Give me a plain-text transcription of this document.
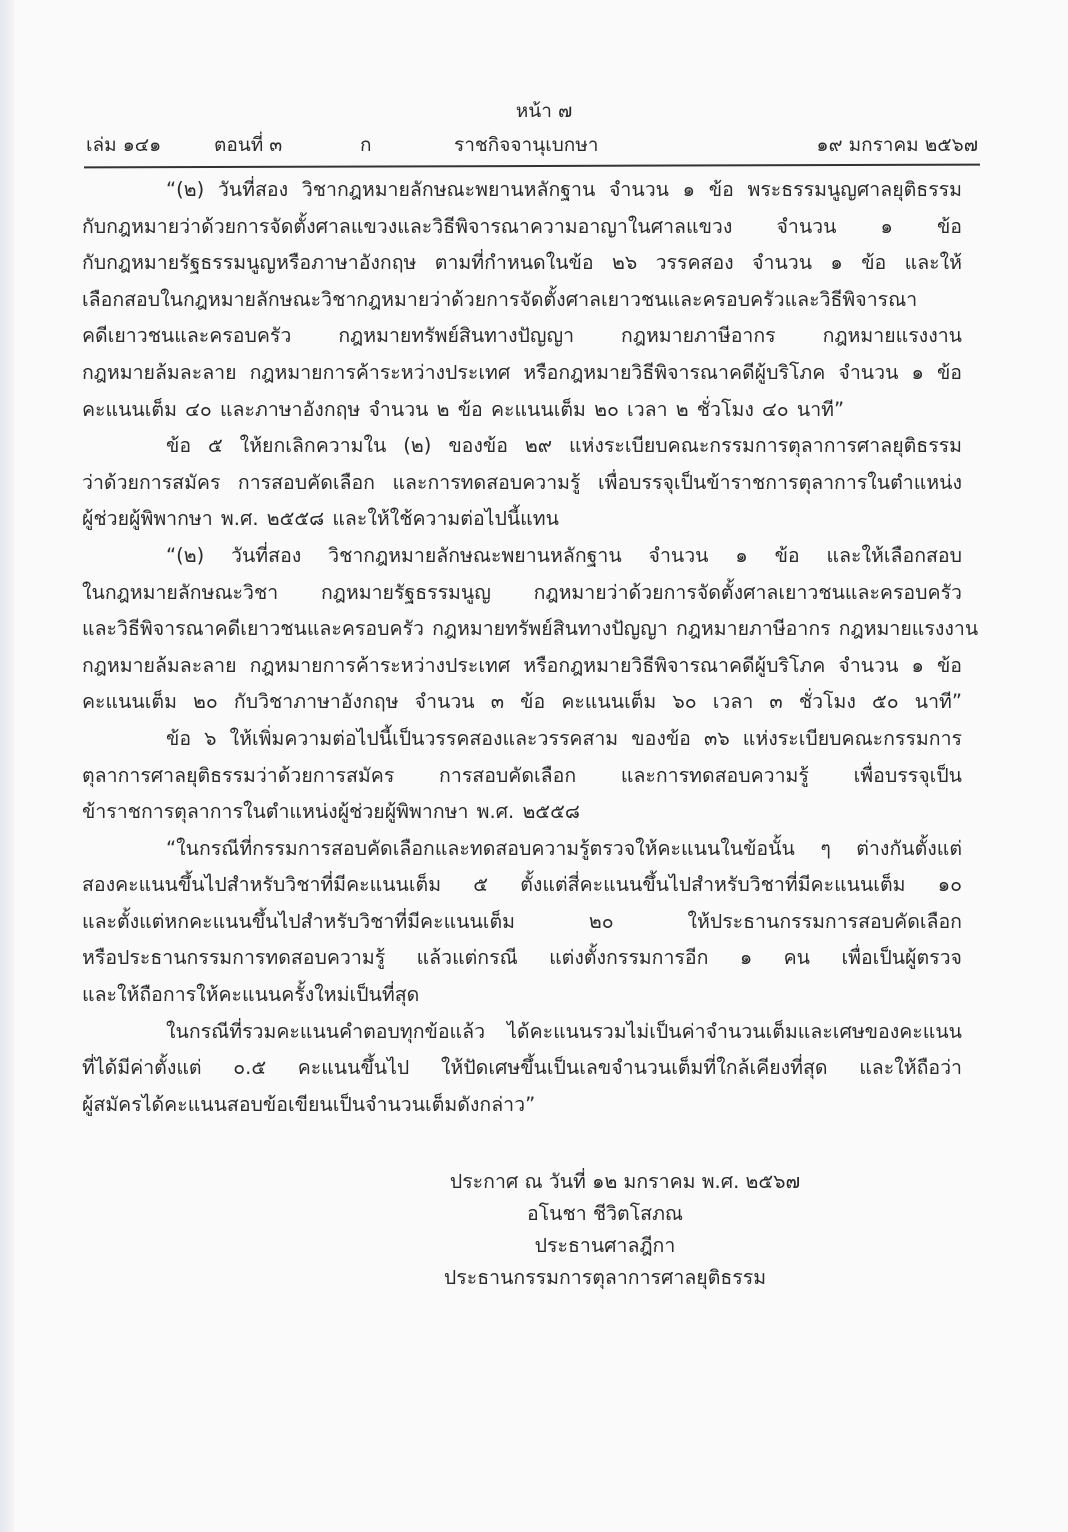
หน้า ๗
เล่ม ๑๔๑	ตอนที่ ๓	ก	ราชกิจจานุเบกษา	๑๙ มกราคม ๒๕๖๗
“(๒) วันที่สอง วิชากฎหมายลักษณะพยานหลักฐาน จำนวน ๑ ข้อ พระธรรมนูญศาลยุติธรรม
กับกฎหมายว่าด้วยการจัดตั้งศาลแขวงและวิธีพิจารณาความอาญาในศาลแขวง จำนวน ๑ ข้อ
กับกฎหมายรัฐธรรมนูญหรือภาษาอังกฤษ ตามที่กำหนดในข้อ ๒๖ วรรคสอง จำนวน ๑ ข้อ และให้
เลือกสอบในกฎหมายลักษณะวิชากฎหมายว่าด้วยการจัดตั้งศาลเยาวชนและครอบครัวและวิธีพิจารณา
คดีเยาวชนและครอบครัว กฎหมายทรัพย์สินทางปัญญา กฎหมายภาษีอากร กฎหมายแรงงาน
กฎหมายล้มละลาย กฎหมายการค้าระหว่างประเทศ หรือกฎหมายวิธีพิจารณาคดีผู้บริโภค จำนวน ๑ ข้อ
คะแนนเต็ม ๔๐ และภาษาอังกฤษ จำนวน ๒ ข้อ คะแนนเต็ม ๒๐ เวลา ๒ ชั่วโมง ๔๐ นาที”
ข้อ ๕ ให้ยกเลิกความใน (๒) ของข้อ ๒๙ แห่งระเบียบคณะกรรมการตุลาการศาลยุติธรรม
ว่าด้วยการสมัคร การสอบคัดเลือก และการทดสอบความรู้ เพื่อบรรจุเป็นข้าราชการตุลาการในตำแหน่ง
ผู้ช่วยผู้พิพากษา พ.ศ. ๒๕๕๘ และให้ใช้ความต่อไปนี้แทน
“(๒) วันที่สอง วิชากฎหมายลักษณะพยานหลักฐาน จำนวน ๑ ข้อ และให้เลือกสอบ
ในกฎหมายลักษณะวิชา กฎหมายรัฐธรรมนูญ กฎหมายว่าด้วยการจัดตั้งศาลเยาวชนและครอบครัว
และวิธีพิจารณาคดีเยาวชนและครอบครัว กฎหมายทรัพย์สินทางปัญญา กฎหมายภาษีอากร กฎหมายแรงงาน
กฎหมายล้มละลาย กฎหมายการค้าระหว่างประเทศ หรือกฎหมายวิธีพิจารณาคดีผู้บริโภค จำนวน ๑ ข้อ
คะแนนเต็ม ๒๐ กับวิชาภาษาอังกฤษ จำนวน ๓ ข้อ คะแนนเต็ม ๖๐ เวลา ๓ ชั่วโมง ๕๐ นาที”
ข้อ ๖ ให้เพิ่มความต่อไปนี้เป็นวรรคสองและวรรคสาม ของข้อ ๓๖ แห่งระเบียบคณะกรรมการ
ตุลาการศาลยุติธรรมว่าด้วยการสมัคร การสอบคัดเลือก และการทดสอบความรู้ เพื่อบรรจุเป็น
ข้าราชการตุลาการในตำแหน่งผู้ช่วยผู้พิพากษา พ.ศ. ๒๕๕๘
“ในกรณีที่กรรมการสอบคัดเลือกและทดสอบความรู้ตรวจให้คะแนนในข้อนั้น ๆ ต่างกันตั้งแต่
สองคะแนนขึ้นไปสำหรับวิชาที่มีคะแนนเต็ม ๕ ตั้งแต่สี่คะแนนขึ้นไปสำหรับวิชาที่มีคะแนนเต็ม ๑๐
และตั้งแต่หกคะแนนขึ้นไปสำหรับวิชาที่มีคะแนนเต็ม ๒๐ ให้ประธานกรรมการสอบคัดเลือก
หรือประธานกรรมการทดสอบความรู้ แล้วแต่กรณี แต่งตั้งกรรมการอีก ๑ คน เพื่อเป็นผู้ตรวจ
และให้ถือการให้คะแนนครั้งใหม่เป็นที่สุด
ในกรณีที่รวมคะแนนคำตอบทุกข้อแล้ว ได้คะแนนรวมไม่เป็นค่าจำนวนเต็มและเศษของคะแนน
ที่ได้มีค่าตั้งแต่ ๐.๕ คะแนนขึ้นไป ให้ปัดเศษขึ้นเป็นเลขจำนวนเต็มที่ใกล้เคียงที่สุด และให้ถือว่า
ผู้สมัครได้คะแนนสอบข้อเขียนเป็นจำนวนเต็มดังกล่าว”
ประกาศ ณ วันที่ ๑๒ มกราคม พ.ศ. ๒๕๖๗
อโนชา ชีวิตโสภณ
ประธานศาลฎีกา
ประธานกรรมการตุลาการศาลยุติธรรม
